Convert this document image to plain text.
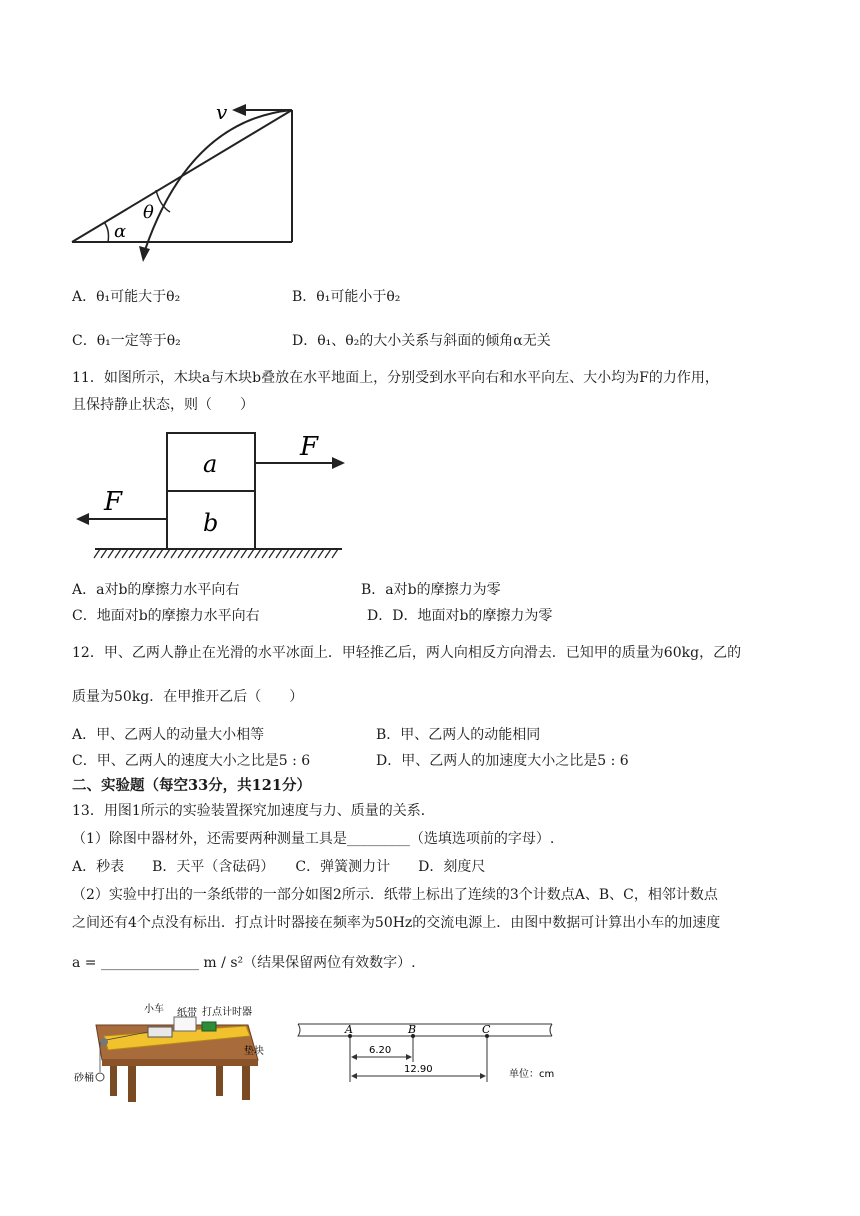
v
θ
α
A．θ₁可能大于θ₂	B．θ₁可能小于θ₂
C．θ₁一定等于θ₂	D．θ₁、θ₂的大小关系与斜面的倾角α无关
11．如图所示，木块a与木块b叠放在水平地面上，分别受到水平向右和水平向左、大小均为F的力作用，
且保持静止状态，则（　　）
a
b
F
F
A．a对b的摩擦力水平向右	B．a对b的摩擦力为零
C．地面对b的摩擦力水平向右	D．D．地面对b的摩擦力为零
12．甲、乙两人静止在光滑的水平冰面上．甲轻推乙后，两人向相反方向滑去．已知甲的质量为60kg，乙的
质量为50kg．在甲推开乙后（　　）
A．甲、乙两人的动量大小相等	B．甲、乙两人的动能相同
C．甲、乙两人的速度大小之比是5 : 6	D．甲、乙两人的加速度大小之比是5 : 6
二、实验题（每空33分，共121分）
13．用图1所示的实验装置探究加速度与力、质量的关系．
（1）除图中器材外，还需要两种测量工具是_________（选填选项前的字母）.
A．秒表　　B．天平（含砝码）　　C．弹簧测力计　　D．刻度尺
（2）实验中打出的一条纸带的一部分如图2所示．纸带上标出了连续的3个计数点A、B、C，相邻计数点
之间还有4个点没有标出．打点计时器接在频率为50Hz的交流电源上．由图中数据可计算出小车的加速度
a = ______________ m / s²（结果保留两位有效数字）.
小车 纸带 打点计时器
垫块
砂桶
A	B	C
6.20
12.90	单位：cm
